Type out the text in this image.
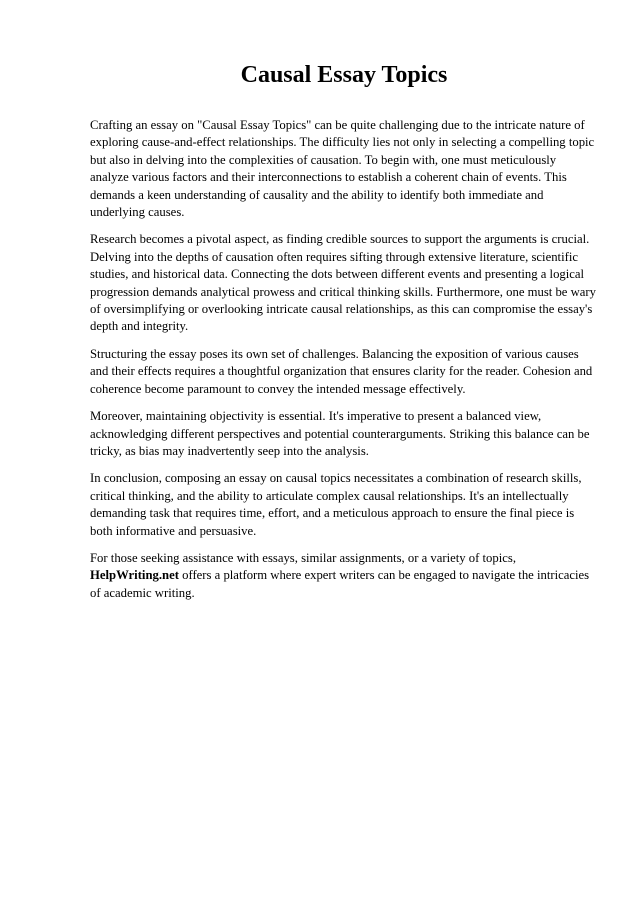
Causal Essay Topics

Crafting an essay on "Causal Essay Topics" can be quite challenging due to the intricate nature of exploring cause-and-effect relationships. The difficulty lies not only in selecting a compelling topic but also in delving into the complexities of causation. To begin with, one must meticulously analyze various factors and their interconnections to establish a coherent chain of events. This demands a keen understanding of causality and the ability to identify both immediate and underlying causes.

Research becomes a pivotal aspect, as finding credible sources to support the arguments is crucial. Delving into the depths of causation often requires sifting through extensive literature, scientific studies, and historical data. Connecting the dots between different events and presenting a logical progression demands analytical prowess and critical thinking skills. Furthermore, one must be wary of oversimplifying or overlooking intricate causal relationships, as this can compromise the essay's depth and integrity.

Structuring the essay poses its own set of challenges. Balancing the exposition of various causes and their effects requires a thoughtful organization that ensures clarity for the reader. Cohesion and coherence become paramount to convey the intended message effectively.

Moreover, maintaining objectivity is essential. It's imperative to present a balanced view, acknowledging different perspectives and potential counterarguments. Striking this balance can be tricky, as bias may inadvertently seep into the analysis.

In conclusion, composing an essay on causal topics necessitates a combination of research skills, critical thinking, and the ability to articulate complex causal relationships. It's an intellectually demanding task that requires time, effort, and a meticulous approach to ensure the final piece is both informative and persuasive.

For those seeking assistance with essays, similar assignments, or a variety of topics,
HelpWriting.net offers a platform where expert writers can be engaged to navigate the intricacies of academic writing.
